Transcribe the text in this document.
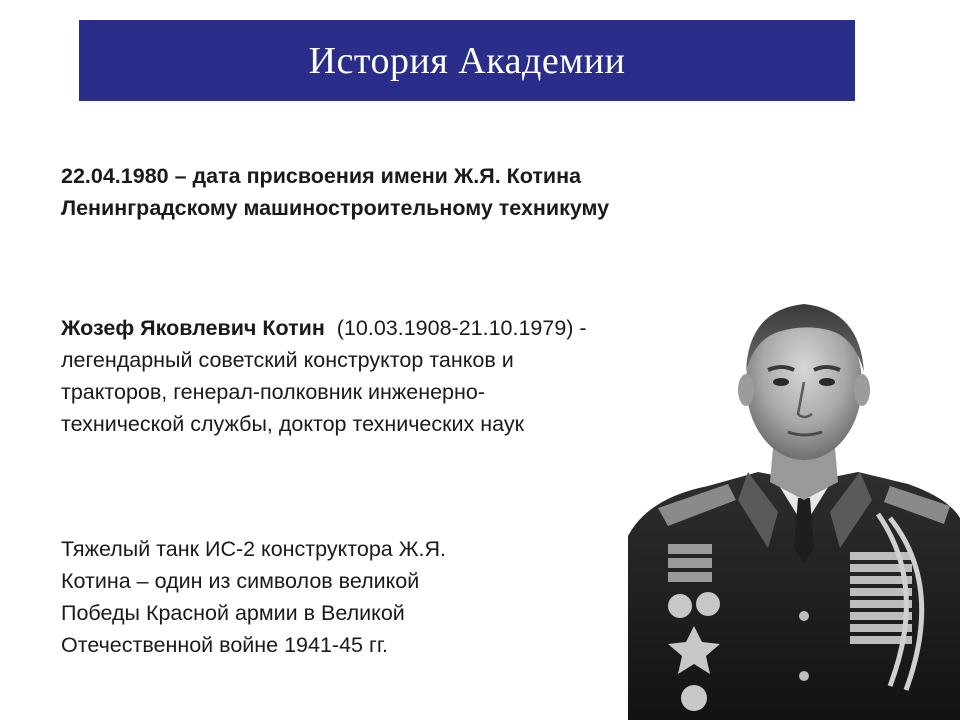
История Академии
22.04.1980 – дата присвоения имени Ж.Я. Котина
Ленинградскому машиностроительному техникуму
Жозеф Яковлевич Котин  (10.03.1908-21.10.1979) -
легендарный советский конструктор танков и
тракторов, генерал-полковник инженерно-
технической службы, доктор технических наук
Тяжелый танк ИС-2 конструктора Ж.Я.
Котина – один из символов великой
Победы Красной армии в Великой
Отечественной войне 1941-45 гг.
